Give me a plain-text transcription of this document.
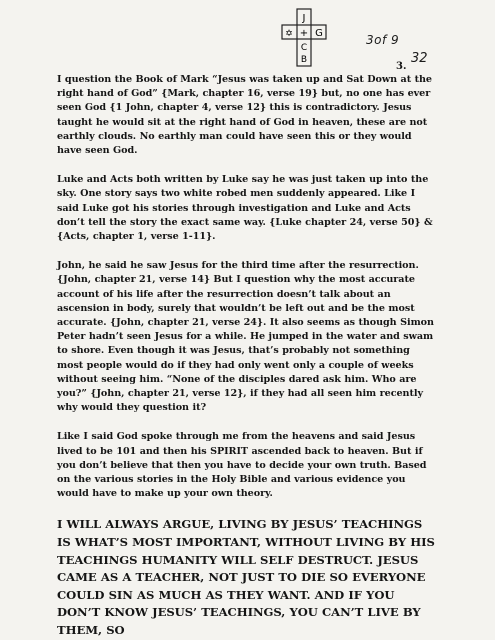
J
✡ + G
C
B
3of 9
32
3.

I question the Book of Mark “Jesus was taken up and Sat Down at the right hand of God” {Mark, chapter 16, verse 19} but, no one has ever seen God {1 John, chapter 4, verse 12} this is contradictory. Jesus taught he would sit at the right hand of God in heaven, these are not earthly clouds. No earthly man could have seen this or they would have seen God.

Luke and Acts both written by Luke say he was just taken up into the sky. One story says two white robed men suddenly appeared. Like I said Luke got his stories through investigation and Luke and Acts don’t tell the story the exact same way. {Luke chapter 24, verse 50} & {Acts, chapter 1, verse 1-11}.

John, he said he saw Jesus for the third time after the resurrection. {John, chapter 21, verse 14} But I question why the most accurate account of his life after the resurrection doesn’t talk about an ascension in body, surely that wouldn’t be left out and be the most accurate. {John, chapter 21, verse 24}. It also seems as though Simon Peter hadn’t seen Jesus for a while. He jumped in the water and swam to shore. Even though it was Jesus, that’s probably not something most people would do if they had only went only a couple of weeks without seeing him. “None of the disciples dared ask him. Who are you?” {John, chapter 21, verse 12}, if they had all seen him recently why would they question it?

Like I said God spoke through me from the heavens and said Jesus lived to be 101 and then his SPIRIT ascended back to heaven. But if you don’t believe that then you have to decide your own truth. Based on the various stories in the Holy Bible and various evidence you would have to make up your own theory.

I WILL ALWAYS ARGUE, LIVING BY JESUS’ TEACHINGS IS WHAT’S MOST IMPORTANT, WITHOUT LIVING BY HIS TEACHINGS HUMANITY WILL SELF DESTRUCT. JESUS CAME AS A TEACHER, NOT JUST TO DIE SO EVERYONE COULD SIN AS MUCH AS THEY WANT. AND IF YOU DON’T KNOW JESUS’ TEACHINGS, YOU CAN’T LIVE BY THEM, SO
